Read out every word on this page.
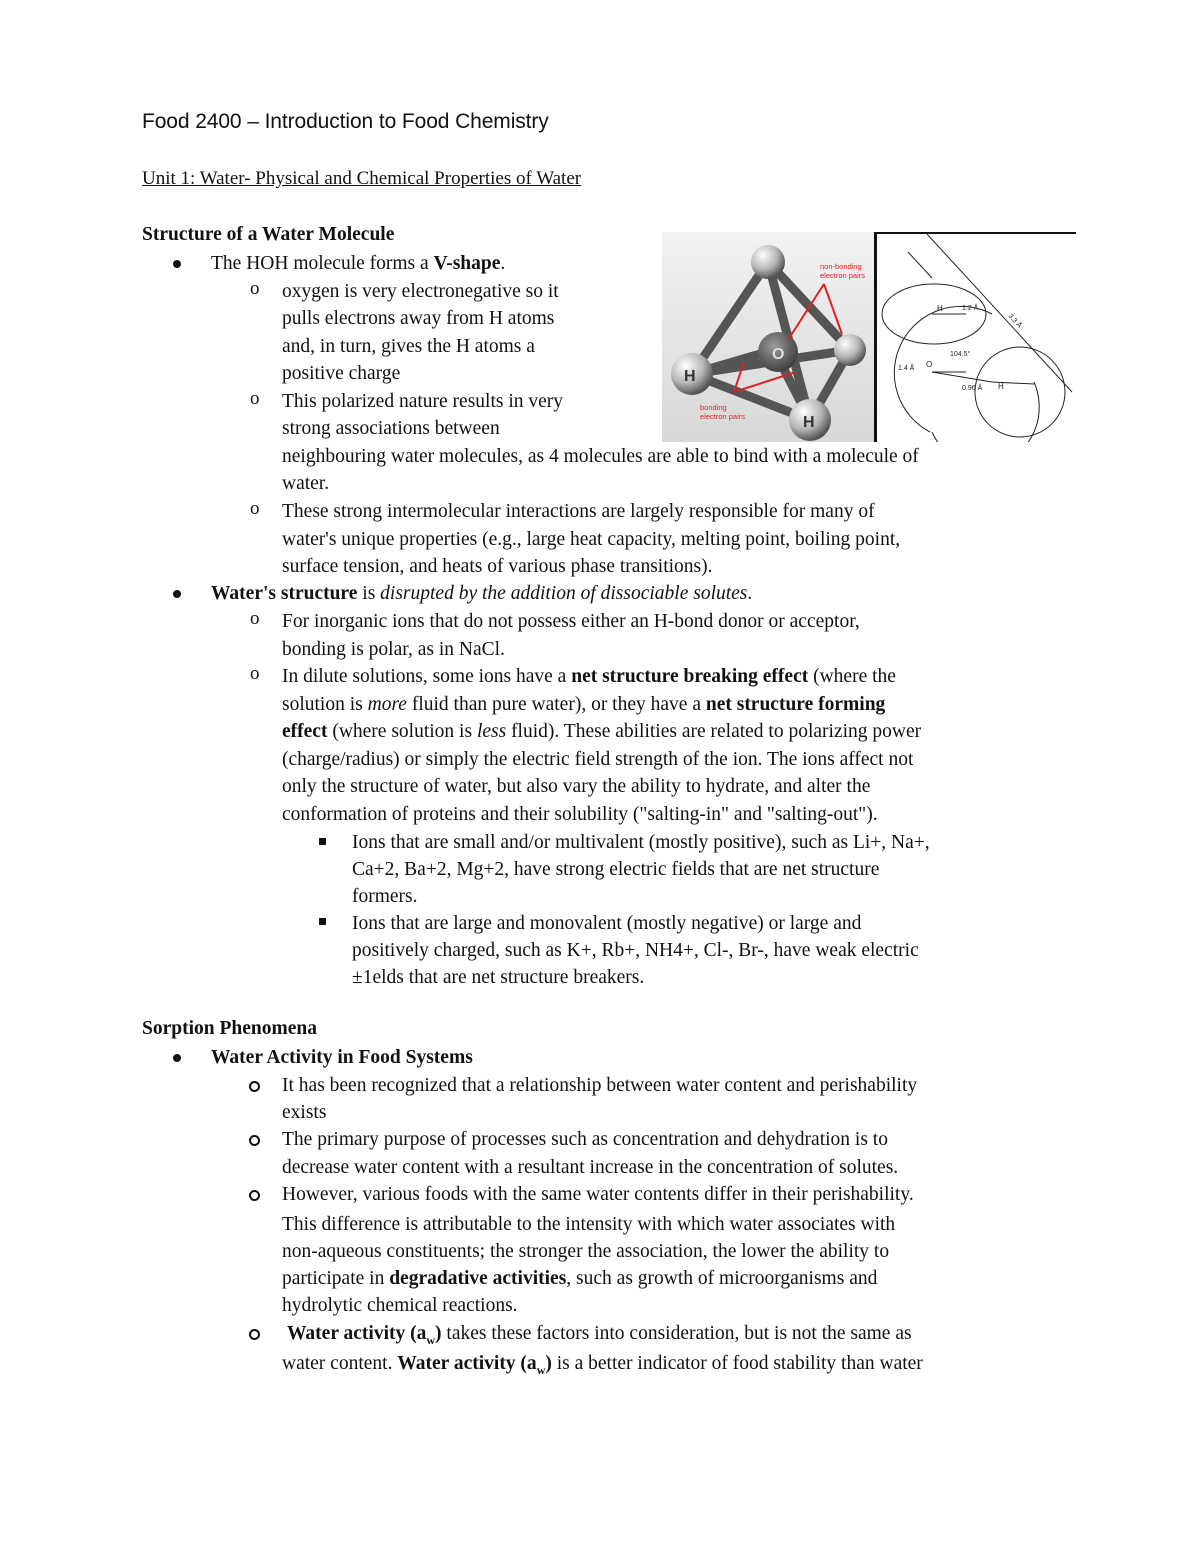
Food 2400 – Introduction to Food Chemistry
Unit 1: Water- Physical and Chemical Properties of Water
Structure of a Water Molecule
The HOH molecule forms a V-shape.
o oxygen is very electronegative so it
pulls electrons away from H atoms
and, in turn, gives the H atoms a
positive charge
o This polarized nature results in very
strong associations between
neighbouring water molecules, as 4 molecules are able to bind with a molecule of
water.
o These strong intermolecular interactions are largely responsible for many of
water's unique properties (e.g., large heat capacity, melting point, boiling point,
surface tension, and heats of various phase transitions).
Water's structure is disrupted by the addition of dissociable solutes.
o For inorganic ions that do not possess either an H-bond donor or acceptor,
bonding is polar, as in NaCl.
o In dilute solutions, some ions have a net structure breaking effect (where the
solution is more fluid than pure water), or they have a net structure forming
effect (where solution is less fluid). These abilities are related to polarizing power
(charge/radius) or simply the electric field strength of the ion. The ions affect not
only the structure of water, but also vary the ability to hydrate, and alter the
conformation of proteins and their solubility ("salting-in" and "salting-out").
Ions that are small and/or multivalent (mostly positive), such as Li+, Na+,
Ca+2, Ba+2, Mg+2, have strong electric fields that are net structure
formers.
Ions that are large and monovalent (mostly negative) or large and
positively charged, such as K+, Rb+, NH4+, Cl-, Br-, have weak electric
±1elds that are net structure breakers.
Sorption Phenomena
Water Activity in Food Systems
It has been recognized that a relationship between water content and perishability
exists
The primary purpose of processes such as concentration and dehydration is to
decrease water content with a resultant increase in the concentration of solutes.
However, various foods with the same water contents differ in their perishability.
This difference is attributable to the intensity with which water associates with
non-aqueous constituents; the stronger the association, the lower the ability to
participate in degradative activities, such as growth of microorganisms and
hydrolytic chemical reactions.
Water activity $(a_w)$ takes these factors into consideration, but is not the same as
water content. Water activity $(a_w)$ is a better indicator of food stability than water
O
H
H
non-bonding
electron pairs
bonding
electron pairs
H
O
H
1.2 Å
1.4 Å
104.5°
0.96 Å
3.3 Å
